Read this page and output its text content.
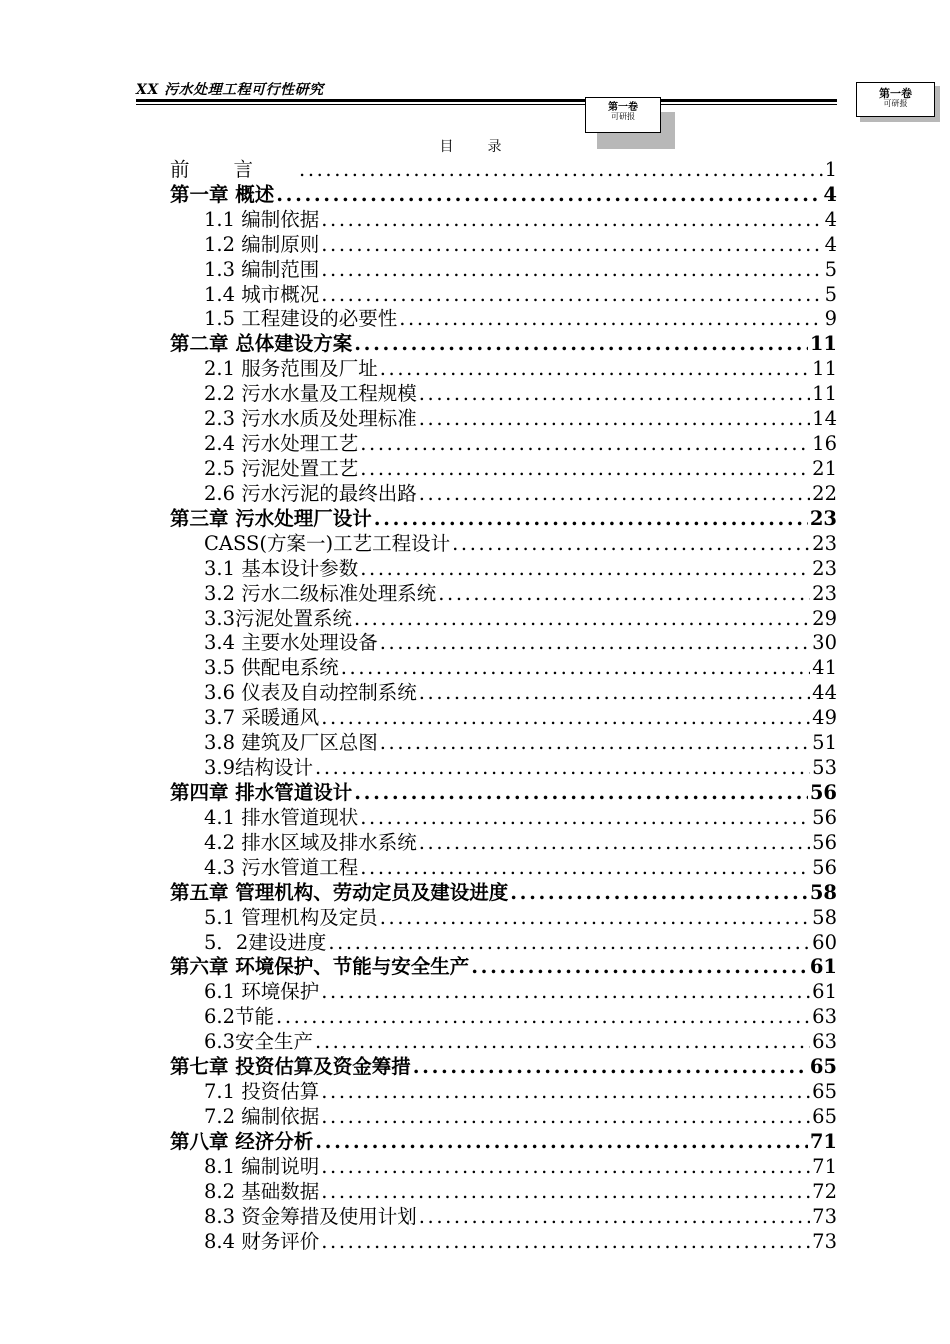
XX 污水处理工程可行性研究
第一卷
可研报
第一卷
可研报
目录
前言 .....	1
第一章 概述 .....	4
1.1 编制依据 .....	4
1.2 编制原则 .....	4
1.3 编制范围 .....	5
1.4 城市概况 .....	5
1.5 工程建设的必要性 .....	9
第二章 总体建设方案 .....	11
2.1 服务范围及厂址 .....	11
2.2 污水水量及工程规模 .....	11
2.3 污水水质及处理标准 .....	14
2.4 污水处理工艺 .....	16
2.5 污泥处置工艺 .....	21
2.6 污水污泥的最终出路 .....	22
第三章 污水处理厂设计 .....	23
CASS(方案一)工艺工程设计 .....	23
3.1 基本设计参数 .....	23
3.2 污水二级标准处理系统 .....	23
3.3污泥处置系统 .....	29
3.4 主要水处理设备 .....	30
3.5 供配电系统 .....	41
3.6 仪表及自动控制系统 .....	44
3.7 采暖通风 .....	49
3.8 建筑及厂区总图 .....	51
3.9结构设计 .....	53
第四章 排水管道设计 .....	56
4.1 排水管道现状 .....	56
4.2 排水区域及排水系统 .....	56
4.3 污水管道工程 .....	56
第五章 管理机构、劳动定员及建设进度 .....	58
5.1 管理机构及定员 .....	58
5．2建设进度 .....	60
第六章 环境保护、节能与安全生产 .....	61
6.1 环境保护 .....	61
6.2节能 .....	63
6.3安全生产 .....	63
第七章 投资估算及资金筹措 .....	65
7.1 投资估算 .....	65
7.2 编制依据 .....	65
第八章 经济分析 .....	71
8.1 编制说明 .....	71
8.2 基础数据 .....	72
8.3 资金筹措及使用计划 .....	73
8.4 财务评价 .....	73
